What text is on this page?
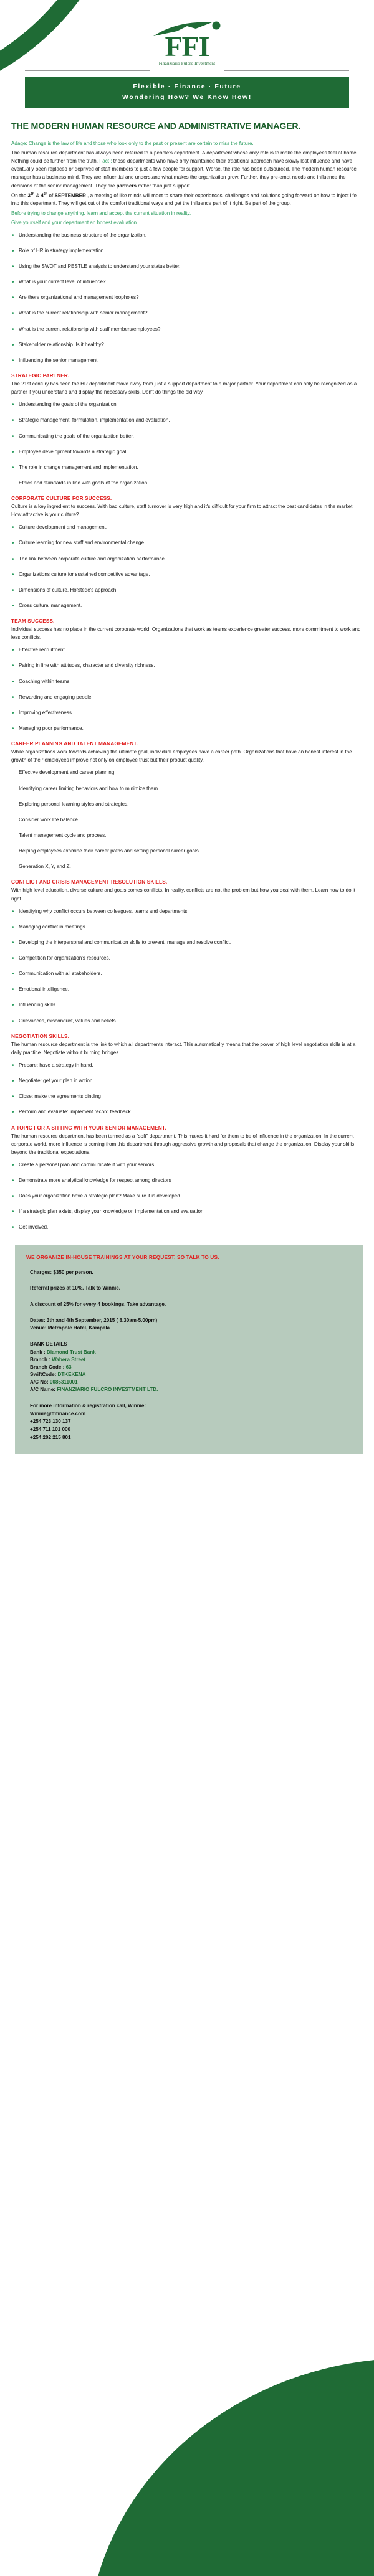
FFI
Finanziario Fulcro Investment
Flexible · Finance · Future
Wondering How? We Know How!
THE MODERN HUMAN RESOURCE AND ADMINISTRATIVE MANAGER.

Adage: Change is the law of life and those who look only to the past or present are certain to miss the future.

The human resource department has always been referred to a people's department. A department whose only role is to make the employees feel at home. Nothing could be further from the truth. Fact ; those departments who have only maintained their traditional approach have slowly lost influence and have eventually been replaced or deprived of staff members to just a few people for support. Worse, the role has been outsourced. The modern human resource manager has a business mind. They are influential and understand what makes the organization grow. Further, they pre-empt needs and influence the decisions of the senior management. They are partners rather than just support.

On the 3th & 4th of SEPTEMBER , a meeting of like minds will meet to share their experiences, challenges and solutions going forward on how to inject life into this department. They will get out of the comfort traditional ways and get the influence part of it right. Be part of the group.

Before trying to change anything, learn and accept the current situation in reality.

Give yourself and your department an honest evaluation.

• Understanding the business structure of the organization.
• Role of HR in strategy implementation.
• Using the SWOT and PESTLE analysis to understand your status better.
• What is your current level of influence?
• Are there organizational and management loopholes?
• What is the current relationship with senior management?
• What is the current relationship with staff members/employees?
• Stakeholder relationship. Is it healthy?
• Influencing the senior management.
STRATEGIC PARTNER.

The 21st century has seen the HR department move away from just a support department to a major partner. Your department can only be recognized as a partner if you understand and display the necessary skills. Don't do things the old way.

• Understanding the goals of the organization
• Strategic management, formulation, implementation and evaluation.
• Communicating the goals of the organization better.
• Employee development towards a strategic goal.
• The role in change management and implementation.
Ethics and standards in line with goals of the organization.
CORPORATE CULTURE FOR SUCCESS.

Culture is a key ingredient to success. With bad culture, staff turnover is very high and it's difficult for your firm to attract the best candidates in the market. How attractive is your culture?

• Culture development and management.
• Culture learning for new staff and environmental change.
• The link between corporate culture and organization performance.
• Organizations culture for sustained competitive advantage.
• Dimensions of culture. Hofstede's approach.
• Cross cultural management.
TEAM SUCCESS.

Individual success has no place in the current corporate world. Organizations that work as teams experience greater success, more commitment to work and less conflicts.

• Effective recruitment.
• Pairing in line with attitudes, character and diversity richness.
• Coaching within teams.
• Rewarding and engaging people.
• Improving effectiveness.
• Managing poor performance.
CAREER PLANNING AND TALENT MANAGEMENT.

While organizations work towards achieving the ultimate goal, individual employees have a career path. Organizations that have an honest interest in the growth of their employees improve not only on employee trust but their product quality.

Effective development and career planning.
Identifying career limiting behaviors and how to minimize them.
Exploring personal learning styles and strategies.
Consider work life balance.
Talent management cycle and process.
Helping employees examine their career paths and setting personal career goals.
Generation X, Y, and Z.
CONFLICT AND CRISIS MANAGEMENT RESOLUTION SKILLS.

With high level education, diverse culture and goals comes conflicts. In reality, conflicts are not the problem but how you deal with them. Learn how to do it right.

• Identifying why conflict occurs between colleagues, teams and departments.
• Managing conflict in meetings.
• Developing the interpersonal and communication skills to prevent, manage and resolve conflict.
• Competition for organization's resources.
• Communication with all stakeholders.
• Emotional intelligence.
• Influencing skills.
• Grievances, misconduct, values and beliefs.
NEGOTIATION SKILLS.

The human resource department is the link to which all departments interact. This automatically means that the power of high level negotiation skills is at a daily practice. Negotiate without burning bridges.

• Prepare: have a strategy in hand.
• Negotiate: get your plan in action.
• Close: make the agreements binding
• Perform and evaluate: implement record feedback.
A TOPIC FOR A SITTING WITH YOUR SENIOR MANAGEMENT.

The human resource department has been termed as a "soft" department. This makes it hard for them to be of influence in the organization. In the current corporate world, more influence is coming from this department through aggressive growth and proposals that change the organization. Display your skills beyond the traditional expectations.

• Create a personal plan and communicate it with your seniors.
• Demonstrate more analytical knowledge for respect among directors
• Does your organization have a strategic plan? Make sure it is developed.
• If a strategic plan exists, display your knowledge on implementation and evaluation.
• Get involved.
WE ORGANIZE IN-HOUSE TRAININGS AT YOUR REQUEST, SO TALK TO US.
Charges: $350 per person.
Referral prizes at 10%. Talk to Winnie.
A discount of 25% for every 4 bookings. Take advantage.
Dates: 3th and 4th September, 2015 ( 8.30am-5.00pm)
Venue: Metropole Hotel, Kampala
BANK DETAILS
Bank : Diamond Trust Bank
Branch : Wabera Street
Branch Code : 63
SwiftCode: DTKEKENA
A/C No: 0085311001
A/C Name: FINANZIARIO FULCRO INVESTMENT LTD.
For more information & registration call, Winnie:
Winnie@ffifinance.com
+254 723 130 137
+254 711 101 000
+254 202 215 801
